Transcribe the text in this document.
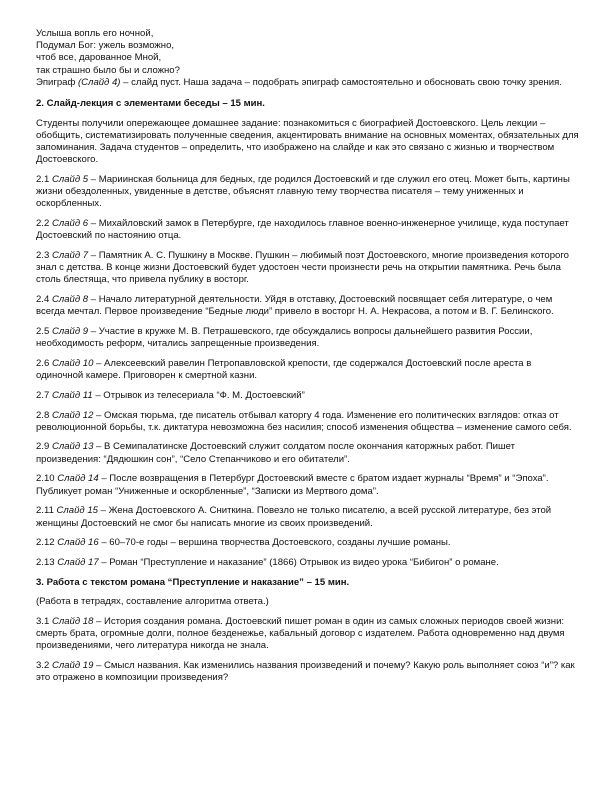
Услыша вопль его ночной,

Подумал Бог: ужель возможно,

чтоб все, дарованное Мной,

так страшно было бы и сложно?

Эпиграф (Слайд 4) – слайд пуст. Наша задача – подобрать эпиграф самостоятельно и обосновать свою точку зрения.

2. Слайд-лекция с элементами беседы – 15 мин.

Студенты получили опережающее домашнее задание: познакомиться с биографией Достоевского. Цель лекции – обобщить, систематизировать полученные сведения, акцентировать внимание на основных моментах, обязательных для запоминания. Задача студентов – определить, что изображено на слайде и как это связано с жизнью и творчеством Достоевского.

2.1 Слайд 5 – Мариинская больница для бедных, где родился Достоевский и где служил его отец. Может быть, картины жизни обездоленных, увиденные в детстве, объяснят главную тему творчества писателя – тему униженных и оскорбленных.

2.2 Слайд 6 – Михайловский замок в Петербурге, где находилось главное военно-инженерное училище, куда поступает Достоевский по настоянию отца.

2.3 Слайд 7 – Памятник А. С. Пушкину в Москве. Пушкин – любимый поэт Достоевского, многие произведения которого знал с детства. В конце жизни Достоевский будет удостоен чести произнести речь на открытии памятника. Речь была столь блестяща, что привела публику в восторг.

2.4 Слайд 8 – Начало литературной деятельности. Уйдя в отставку, Достоевский посвящает себя литературе, о чем всегда мечтал. Первое произведение “Бедные люди” привело в восторг Н. А. Некрасова, а потом и В. Г. Белинского.

2.5 Слайд 9 – Участие в кружке М. В. Петрашевского, где обсуждались вопросы дальнейшего развития России, необходимость реформ, читались запрещенные произведения.

2.6 Слайд 10 – Алексеевский равелин Петропавловской крепости, где содержался Достоевский после ареста в одиночной камере. Приговорен к смертной казни.

2.7 Слайд 11 – Отрывок из телесериала “Ф. М. Достоевский”

2.8 Слайд 12 – Омская тюрьма, где писатель отбывал каторгу 4 года. Изменение его политических взглядов: отказ от революционной борьбы, т.к. диктатура невозможна без насилия; способ изменения общества – изменение самого себя.

2.9 Слайд 13 – В Семипалатинске Достоевский служит солдатом после окончания каторжных работ. Пишет произведения: “Дядюшкин сон”, “Село Степанчиково и его обитатели”.

2.10 Слайд 14 – После возвращения в Петербург Достоевский вместе с братом издает журналы “Время” и “Эпоха”. Публикует роман “Униженные и оскорбленные”, “Записки из Мертвого дома”.

2.11 Слайд 15 – Жена Достоевского А. Сниткина. Повезло не только писателю, а всей русской литературе, без этой женщины Достоевский не смог бы написать многие из своих произведений.

2.12 Слайд 16 – 60–70-е годы – вершина творчества Достоевского, созданы лучшие романы.

2.13 Слайд 17 – Роман “Преступление и наказание” (1866) Отрывок из видео урока “Бибигон” о романе.

3. Работа с текстом романа “Преступление и наказание” – 15 мин.

(Работа в тетрадях, составление алгоритма ответа.)

3.1 Слайд 18 – История создания романа. Достоевский пишет роман в один из самых сложных периодов своей жизни: смерть брата, огромные долги, полное безденежье, кабальный договор с издателем. Работа одновременно над двумя произведениями, чего литература никогда не знала.

3.2 Слайд 19 – Смысл названия. Как изменились названия произведений и почему? Какую роль выполняет союз “и”? как это отражено в композиции произведения?
